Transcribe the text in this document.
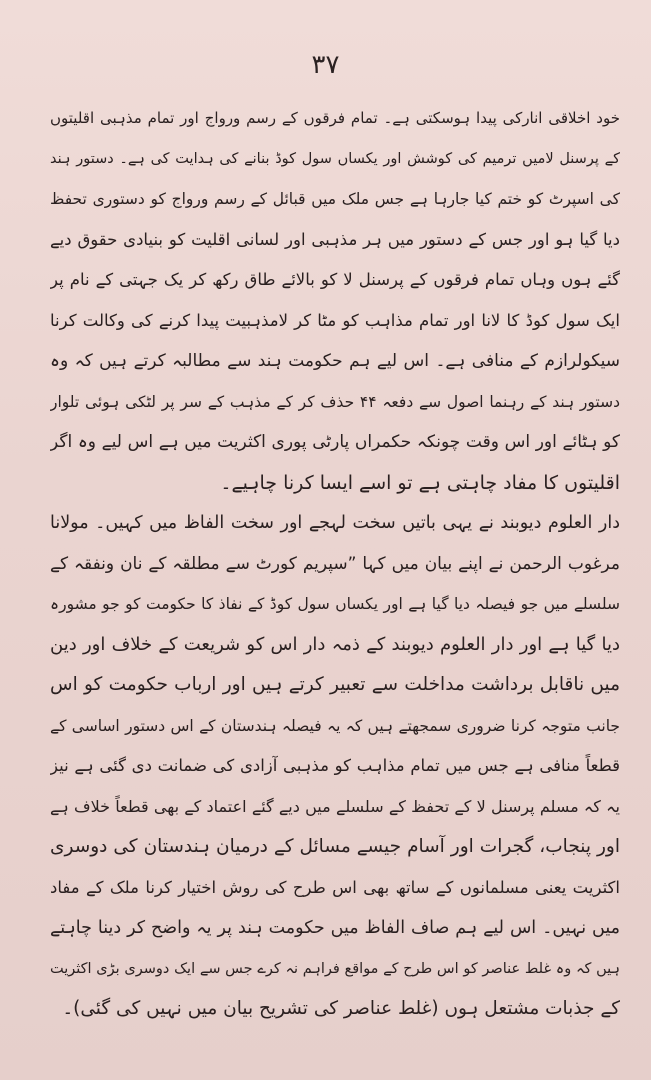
۳۷
خود اخلاقی انارکی پیدا ہوسکتی ہے۔ تمام فرقوں کے رسم ورواج اور تمام مذہبی اقلیتوں
کے پرسنل لامیں ترمیم کی کوشش اور یکساں سول کوڈ بنانے کی ہدایت کی ہے۔ دستور ہند
کی اسپرٹ کو ختم کیا جارہا ہے جس ملک میں قبائل کے رسم ورواج کو دستوری تحفظ
دیا گیا ہو اور جس کے دستور میں ہر مذہبی اور لسانی اقلیت کو بنیادی حقوق دیے
گئے ہوں وہاں تمام فرقوں کے پرسنل لا کو بالائے طاق رکھ کر یک جہتی کے نام پر
ایک سول کوڈ کا لانا اور تمام مذاہب کو مٹا کر لامذہبیت پیدا کرنے کی وکالت کرنا
سیکولرازم کے منافی ہے۔ اس لیے ہم حکومت ہند سے مطالبہ کرتے ہیں کہ وہ
دستور ہند کے رہنما اصول سے دفعہ ۴۴ حذف کر کے مذہب کے سر پر لٹکی ہوئی تلوار
کو ہٹائے اور اس وقت چونکہ حکمراں پارٹی پوری اکثریت میں ہے اس لیے وہ اگر
اقلیتوں کا مفاد چاہتی ہے تو اسے ایسا کرنا چاہیے۔
دار العلوم دیوبند نے یہی باتیں سخت لہجے اور سخت الفاظ میں کہیں۔ مولانا
مرغوب الرحمن نے اپنے بیان میں کہا ”سپریم کورٹ سے مطلقہ کے نان ونفقہ کے
سلسلے میں جو فیصلہ دیا گیا ہے اور یکساں سول کوڈ کے نفاذ کا حکومت کو جو مشورہ
دیا گیا ہے اور دار العلوم دیوبند کے ذمہ دار اس کو شریعت کے خلاف اور دین
میں ناقابل برداشت مداخلت سے تعبیر کرتے ہیں اور ارباب حکومت کو اس
جانب متوجہ کرنا ضروری سمجھتے ہیں کہ یہ فیصلہ ہندستان کے اس دستور اساسی کے
قطعاً منافی ہے جس میں تمام مذاہب کو مذہبی آزادی کی ضمانت دی گئی ہے نیز
یہ کہ مسلم پرسنل لا کے تحفظ کے سلسلے میں دیے گئے اعتماد کے بھی قطعاً خلاف ہے
اور پنجاب، گجرات اور آسام جیسے مسائل کے درمیان ہندستان کی دوسری
اکثریت یعنی مسلمانوں کے ساتھ بھی اس طرح کی روش اختیار کرنا ملک کے مفاد
میں نہیں۔ اس لیے ہم صاف الفاظ میں حکومت ہند پر یہ واضح کر دینا چاہتے
ہیں کہ وہ غلط عناصر کو اس طرح کے مواقع فراہم نہ کرے جس سے ایک دوسری بڑی اکثریت
کے جذبات مشتعل ہوں (غلط عناصر کی تشریح بیان میں نہیں کی گئی)۔
